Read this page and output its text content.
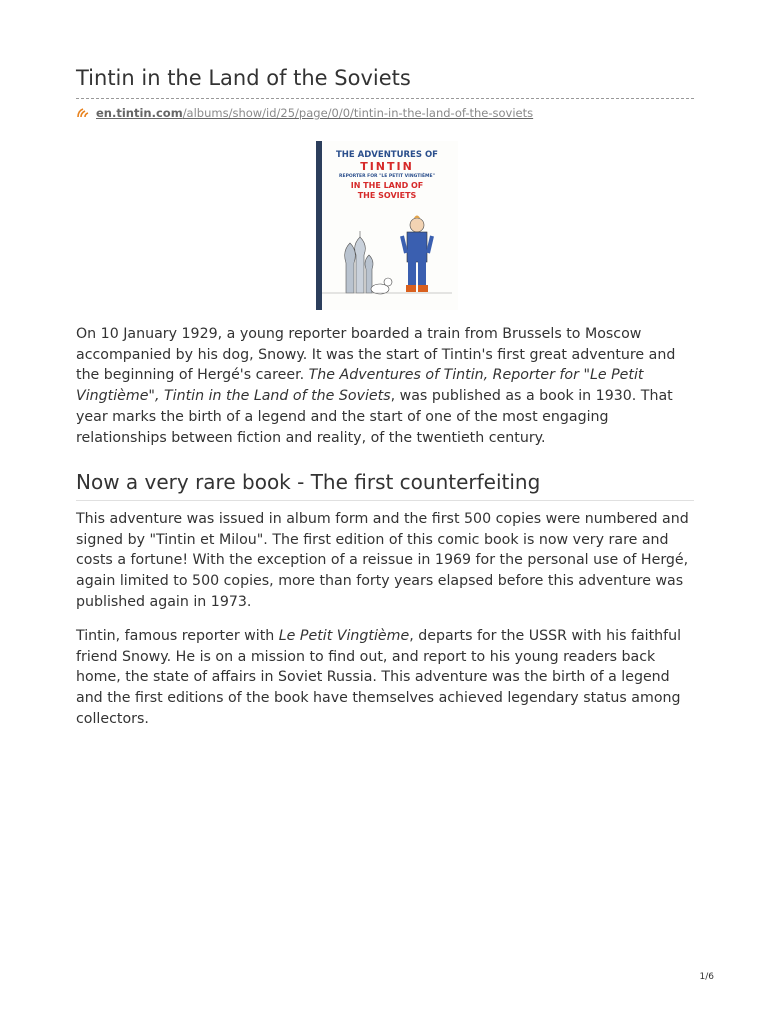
Tintin in the Land of the Soviets
en.tintin.com/albums/show/id/25/page/0/0/tintin-in-the-land-of-the-soviets
THE ADVENTURES OF
TINTIN
REPORTER FOR "LE PETIT VINGTIÈME"
IN THE LAND OF
THE SOVIETS

On 10 January 1929, a young reporter boarded a train from Brussels to Moscow accompanied by his dog, Snowy. It was the start of Tintin's first great adventure and the beginning of Hergé's career. The Adventures of Tintin, Reporter for "Le Petit Vingtième", Tintin in the Land of the Soviets, was published as a book in 1930. That year marks the birth of a legend and the start of one of the most engaging relationships between fiction and reality, of the twentieth century.

Now a very rare book - The first counterfeiting

This adventure was issued in album form and the first 500 copies were numbered and signed by "Tintin et Milou". The first edition of this comic book is now very rare and costs a fortune! With the exception of a reissue in 1969 for the personal use of Hergé, again limited to 500 copies, more than forty years elapsed before this adventure was published again in 1973.

Tintin, famous reporter with Le Petit Vingtième, departs for the USSR with his faithful friend Snowy. He is on a mission to find out, and report to his young readers back home, the state of affairs in Soviet Russia. This adventure was the birth of a legend and the first editions of the book have themselves achieved legendary status among collectors.

1/6
